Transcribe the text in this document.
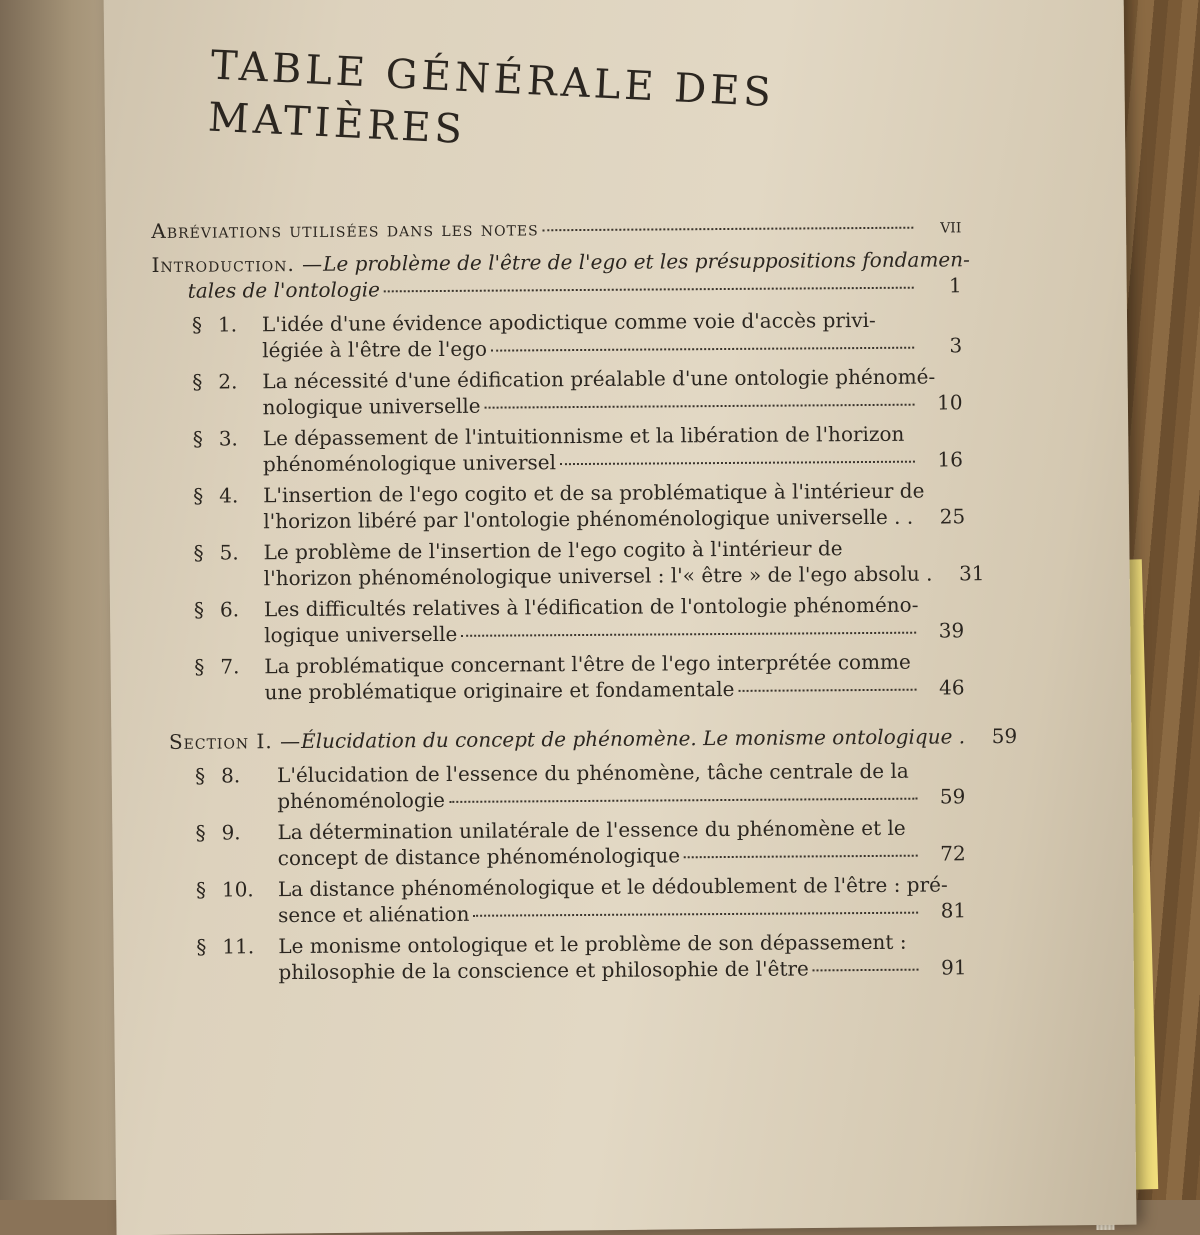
TABLE GÉNÉRALE DES MATIÈRES
Abréviations utilisées dans les notes	vii
Introduction. — Le problème de l'être de l'ego et les présuppositions fondamen-
tales de l'ontologie	1
§ 1.	L'idée d'une évidence apodictique comme voie d'accès privi-
légiée à l'être de l'ego	3
§ 2.	La nécessité d'une édification préalable d'une ontologie phénomé-
nologique universelle	10
§ 3.	Le dépassement de l'intuitionnisme et la libération de l'horizon
phénoménologique universel	16
§ 4.	L'insertion de l'ego cogito et de sa problématique à l'intérieur de
l'horizon libéré par l'ontologie phénoménologique universelle . .	25
§ 5.	Le problème de l'insertion de l'ego cogito à l'intérieur de
l'horizon phénoménologique universel : l'« être » de l'ego absolu .	31
§ 6.	Les difficultés relatives à l'édification de l'ontologie phénoméno-
logique universelle	39
§ 7.	La problématique concernant l'être de l'ego interprétée comme
une problématique originaire et fondamentale	46
Section I. — Élucidation du concept de phénomène. Le monisme ontologique .	59
§ 8.	L'élucidation de l'essence du phénomène, tâche centrale de la
phénoménologie	59
§ 9.	La détermination unilatérale de l'essence du phénomène et le
concept de distance phénoménologique	72
§ 10.	La distance phénoménologique et le dédoublement de l'être : pré-
sence et aliénation	81
§ 11.	Le monisme ontologique et le problème de son dépassement :
philosophie de la conscience et philosophie de l'être	91
